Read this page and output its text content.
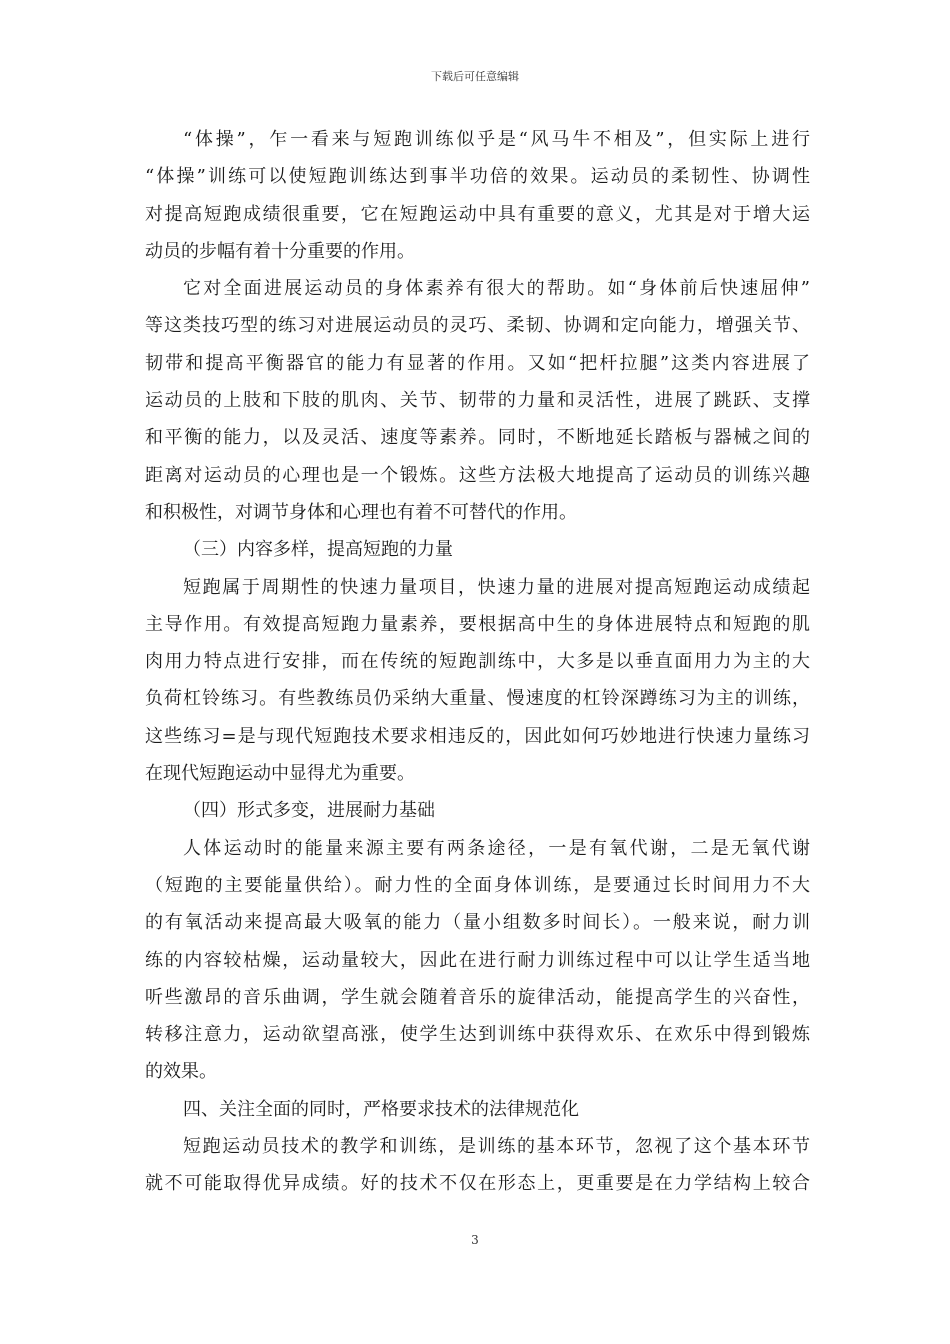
下载后可任意编辑
“体操”，乍一看来与短跑训练似乎是“风马牛不相及”，但实际上进行
“体操”训练可以使短跑训练达到事半功倍的效果。运动员的柔韧性、协调性
对提高短跑成绩很重要，它在短跑运动中具有重要的意义，尤其是对于增大运
动员的步幅有着十分重要的作用。
它对全面进展运动员的身体素养有很大的帮助。如“身体前后快速屈伸”
等这类技巧型的练习对进展运动员的灵巧、柔韧、协调和定向能力，增强关节、
韧带和提高平衡器官的能力有显著的作用。又如“把杆拉腿”这类内容进展了
运动员的上肢和下肢的肌肉、关节、韧带的力量和灵活性，进展了跳跃、支撑
和平衡的能力，以及灵活、速度等素养。同时，不断地延长踏板与器械之间的
距离对运动员的心理也是一个锻炼。这些方法极大地提高了运动员的训练兴趣
和积极性，对调节身体和心理也有着不可替代的作用。
（三）内容多样，提高短跑的力量
短跑属于周期性的快速力量项目，快速力量的进展对提高短跑运动成绩起
主导作用。有效提高短跑力量素养，要根据高中生的身体进展特点和短跑的肌
肉用力特点进行安排，而在传统的短跑訓练中，大多是以垂直面用力为主的大
负荷杠铃练习。有些教练员仍采纳大重量、慢速度的杠铃深蹲练习为主的训练，
这些练习=是与现代短跑技术要求相违反的，因此如何巧妙地进行快速力量练习
在现代短跑运动中显得尤为重要。
（四）形式多变，进展耐力基础
人体运动时的能量来源主要有两条途径，一是有氧代谢，二是无氧代谢
（短跑的主要能量供给）。耐力性的全面身体训练，是要通过长时间用力不大
的有氧活动来提高最大吸氧的能力（量小组数多时间长）。一般来说，耐力训
练的内容较枯燥，运动量较大，因此在进行耐力训练过程中可以让学生适当地
听些激昂的音乐曲调，学生就会随着音乐的旋律活动，能提高学生的兴奋性，
转移注意力，运动欲望高涨，使学生达到训练中获得欢乐、在欢乐中得到锻炼
的效果。
四、关注全面的同时，严格要求技术的法律规范化
短跑运动员技术的教学和训练，是训练的基本环节，忽视了这个基本环节
就不可能取得优异成绩。好的技术不仅在形态上，更重要是在力学结构上较合
3
